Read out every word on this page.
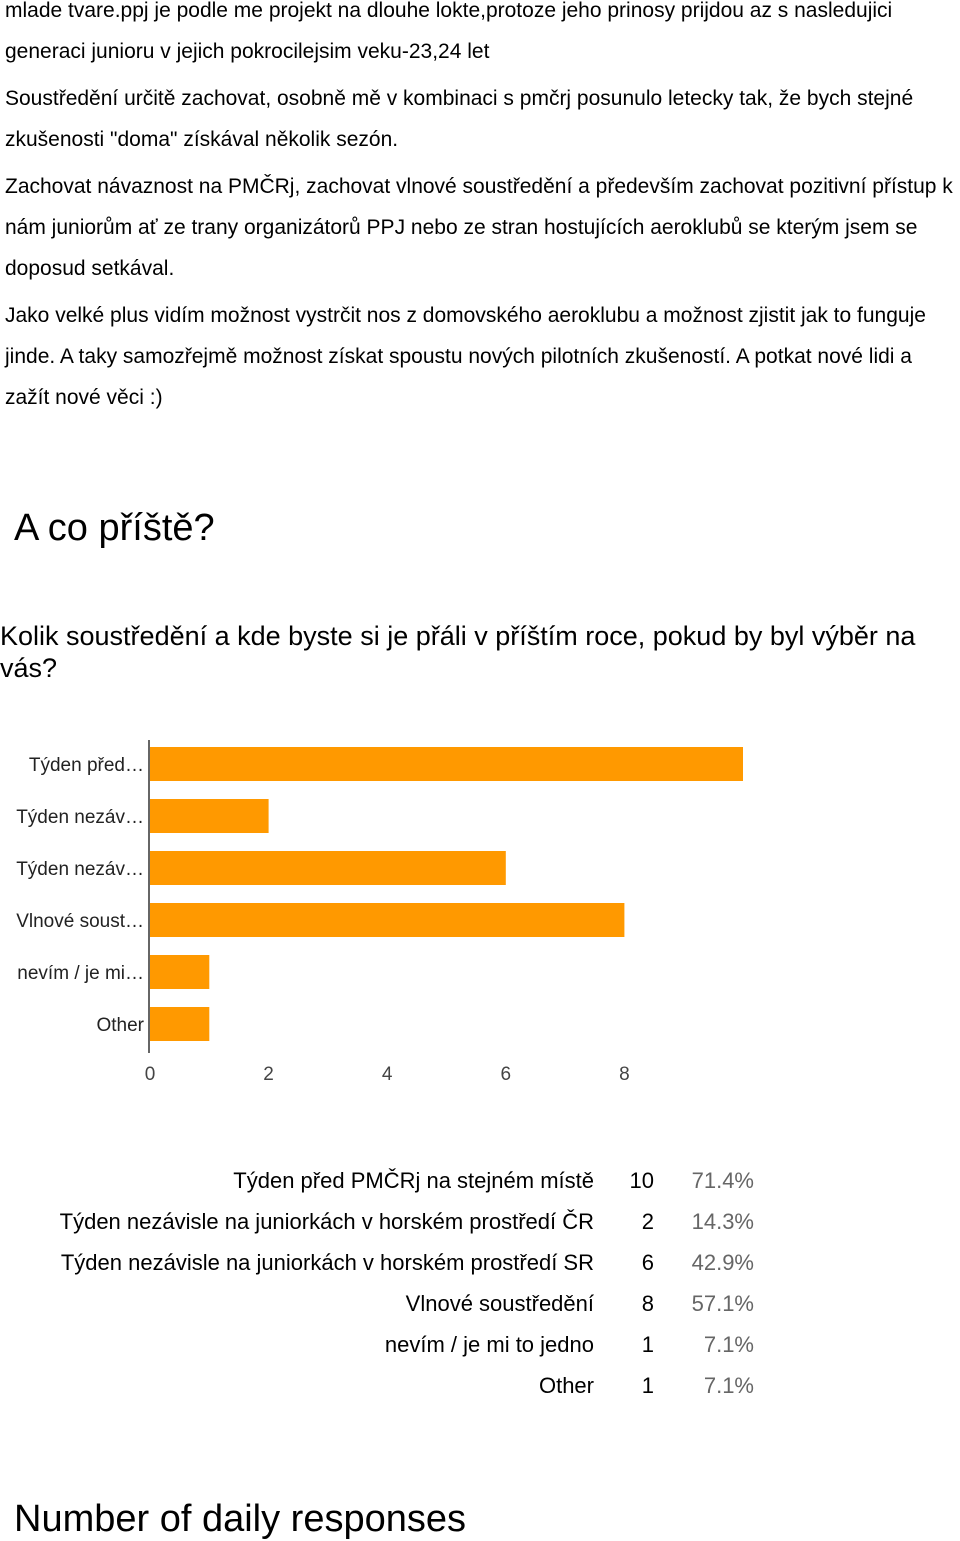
mlade tvare.ppj je podle me projekt na dlouhe lokte,protoze jeho prinosy prijdou az s nasledujici generaci junioru v jejich pokrocilejsim veku-23,24 let

Soustředění určitě zachovat, osobně mě v kombinaci s pmčrj posunulo letecky tak, že bych stejné zkušenosti "doma" získával několik sezón.

Zachovat návaznost na PMČRj, zachovat vlnové soustředění a především zachovat pozitivní přístup k nám juniorům ať ze trany organizátorů PPJ nebo ze stran hostujících aeroklubů se kterým jsem se doposud setkával.

Jako velké plus vidím možnost vystrčit nos z domovského aeroklubu a možnost zjistit jak to funguje jinde. A taky samozřejmě možnost získat spoustu nových pilotních zkušeností. A potkat nové lidi a zažít nové věci :)

A co příště?
Kolik soustředění a kde byste si je přáli v příštím roce, pokud by byl výběr na vás?
Týden před…
Týden nezáv…
Týden nezáv…
Vlnové soust…
nevím / je mi…
Other
0	2	4	6	8
Týden před PMČRj na stejném místě	10	71.4%
Týden nezávisle na juniorkách v horském prostředí ČR	2	14.3%
Týden nezávisle na juniorkách v horském prostředí SR	6	42.9%
Vlnové soustředění	8	57.1%
nevím / je mi to jedno	1	7.1%
Other	1	7.1%
Number of daily responses
